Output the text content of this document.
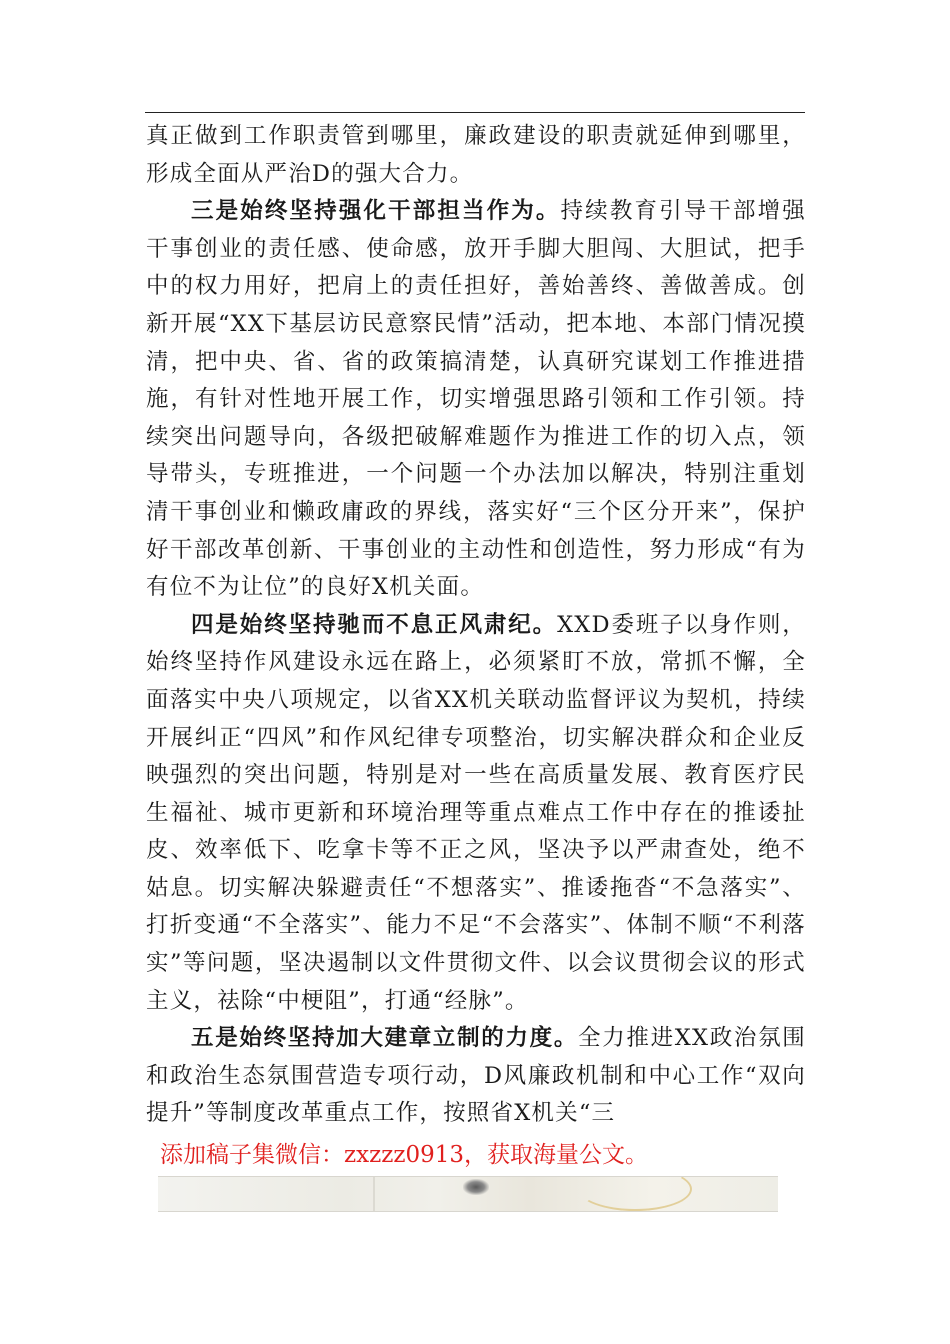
真正做到工作职责管到哪里，廉政建设的职责就延伸到哪里，形成全面从严治D的强大合力。

三是始终坚持强化干部担当作为。持续教育引导干部增强干事创业的责任感、使命感，放开手脚大胆闯、大胆试，把手中的权力用好，把肩上的责任担好，善始善终、善做善成。创新开展“XX下基层访民意察民情”活动，把本地、本部门情况摸清，把中央、省、省的政策搞清楚，认真研究谋划工作推进措施，有针对性地开展工作，切实增强思路引领和工作引领。持续突出问题导向，各级把破解难题作为推进工作的切入点，领导带头，专班推进，一个问题一个办法加以解决，特别注重划清干事创业和懒政庸政的界线，落实好“三个区分开来”，保护好干部改革创新、干事创业的主动性和创造性，努力形成“有为有位不为让位”的良好X机关面。

四是始终坚持驰而不息正风肃纪。XXD委班子以身作则，始终坚持作风建设永远在路上，必须紧盯不放，常抓不懈，全面落实中央八项规定，以省XX机关联动监督评议为契机，持续开展纠正“四风”和作风纪律专项整治，切实解决群众和企业反映强烈的突出问题，特别是对一些在高质量发展、教育医疗民生福祉、城市更新和环境治理等重点难点工作中存在的推诿扯皮、效率低下、吃拿卡等不正之风，坚决予以严肃查处，绝不姑息。切实解决躲避责任“不想落实”、推诿拖沓“不急落实”、打折变通“不全落实”、能力不足“不会落实”、体制不顺“不利落实”等问题，坚决遏制以文件贯彻文件、以会议贯彻会议的形式主义，祛除“中梗阻”，打通“经脉”。

五是始终坚持加大建章立制的力度。全力推进XX政治氛围和政治生态氛围营造专项行动，D风廉政机制和中心工作“双向提升”等制度改革重点工作，按照省X机关“三

添加稿子集微信：zxzzz0913，获取海量公文。
